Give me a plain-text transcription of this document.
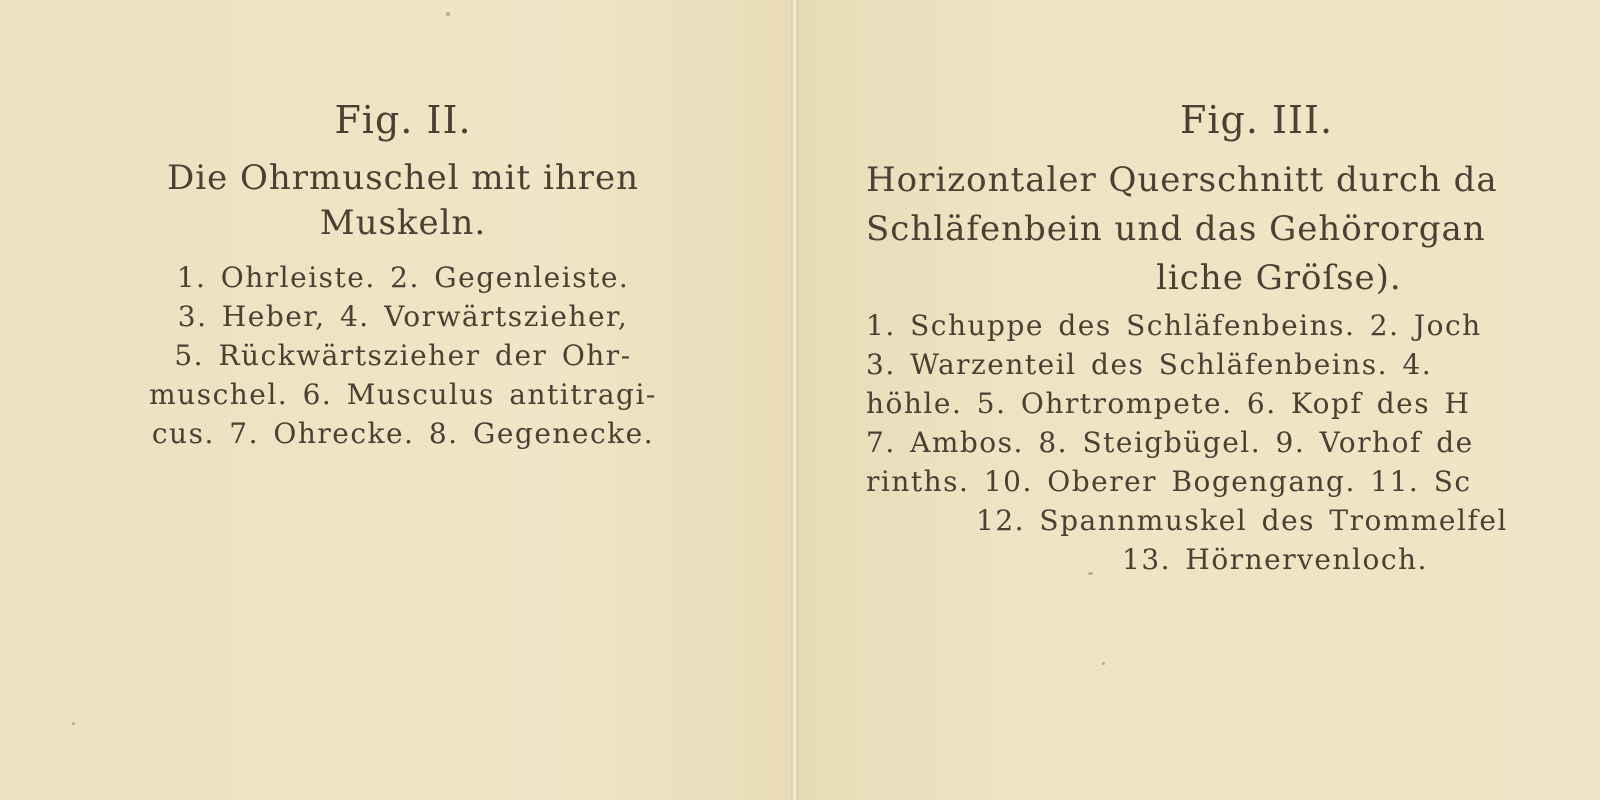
Fig. II.
Die Ohrmuschel mit ihren
Muskeln.
1. Ohrleiste. 2. Gegenleiste.
3. Heber, 4. Vorwärtszieher,
5. Rückwärtszieher der Ohr-
muschel. 6. Musculus antitragi-
cus. 7. Ohrecke. 8. Gegenecke.
Fig. III.
Horizontaler Querschnitt durch da
Schläfenbein und das Gehörorgan
liche Gröſse).
1. Schuppe des Schläfenbeins. 2. Joch
3. Warzenteil des Schläfenbeins. 4.
höhle. 5. Ohrtrompete. 6. Kopf des H
7. Ambos. 8. Steigbügel. 9. Vorhof de
rinths. 10. Oberer Bogengang. 11. Sc
12. Spannmuskel des Trommelfel
13. Hörnervenloch.
